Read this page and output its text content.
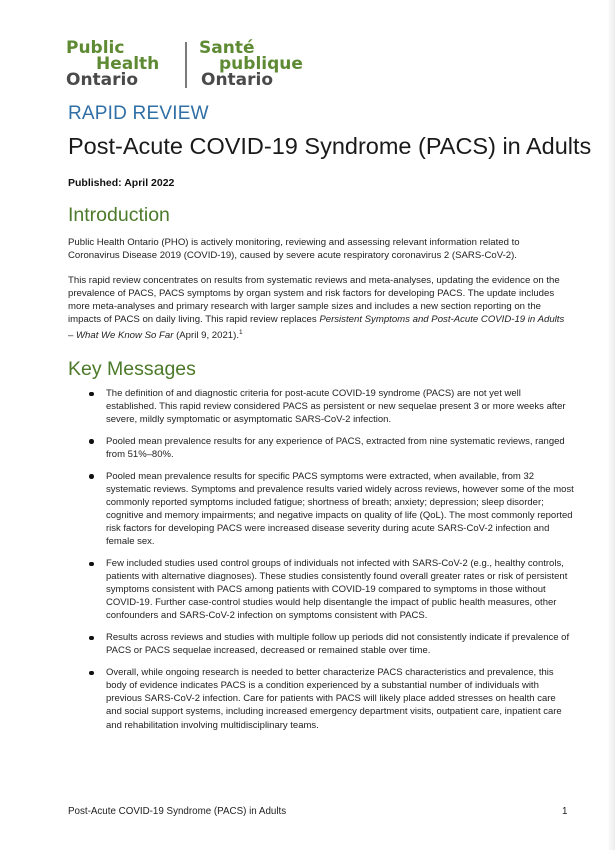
Public
Health
Ontario
Santé
publique
Ontario
RAPID REVIEW
Post-Acute COVID-19 Syndrome (PACS) in Adults
Published: April 2022
Introduction
Public Health Ontario (PHO) is actively monitoring, reviewing and assessing relevant information related to Coronavirus Disease 2019 (COVID-19), caused by severe acute respiratory coronavirus 2 (SARS-CoV-2).
This rapid review concentrates on results from systematic reviews and meta-analyses, updating the evidence on the prevalence of PACS, PACS symptoms by organ system and risk factors for developing PACS. The update includes more meta-analyses and primary research with larger sample sizes and includes a new section reporting on the impacts of PACS on daily living. This rapid review replaces Persistent Symptoms and Post-Acute COVID-19 in Adults – What We Know So Far (April 9, 2021).$^1$
Key Messages
The definition of and diagnostic criteria for post-acute COVID-19 syndrome (PACS) are not yet well established. This rapid review considered PACS as persistent or new sequelae present 3 or more weeks after severe, mildly symptomatic or asymptomatic SARS-CoV-2 infection.
Pooled mean prevalence results for any experience of PACS, extracted from nine systematic reviews, ranged from 51%–80%.
Pooled mean prevalence results for specific PACS symptoms were extracted, when available, from 32 systematic reviews. Symptoms and prevalence results varied widely across reviews, however some of the most commonly reported symptoms included fatigue; shortness of breath; anxiety; depression; sleep disorder; cognitive and memory impairments; and negative impacts on quality of life (QoL). The most commonly reported risk factors for developing PACS were increased disease severity during acute SARS-CoV-2 infection and female sex.
Few included studies used control groups of individuals not infected with SARS-CoV-2 (e.g., healthy controls, patients with alternative diagnoses). These studies consistently found overall greater rates or risk of persistent symptoms consistent with PACS among patients with COVID-19 compared to symptoms in those without COVID-19. Further case-control studies would help disentangle the impact of public health measures, other confounders and SARS-CoV-2 infection on symptoms consistent with PACS.
Results across reviews and studies with multiple follow up periods did not consistently indicate if prevalence of PACS or PACS sequelae increased, decreased or remained stable over time.
Overall, while ongoing research is needed to better characterize PACS characteristics and prevalence, this body of evidence indicates PACS is a condition experienced by a substantial number of individuals with previous SARS-CoV-2 infection. Care for patients with PACS will likely place added stresses on health care and social support systems, including increased emergency department visits, outpatient care, inpatient care and rehabilitation involving multidisciplinary teams.
Post-Acute COVID-19 Syndrome (PACS) in Adults	1
